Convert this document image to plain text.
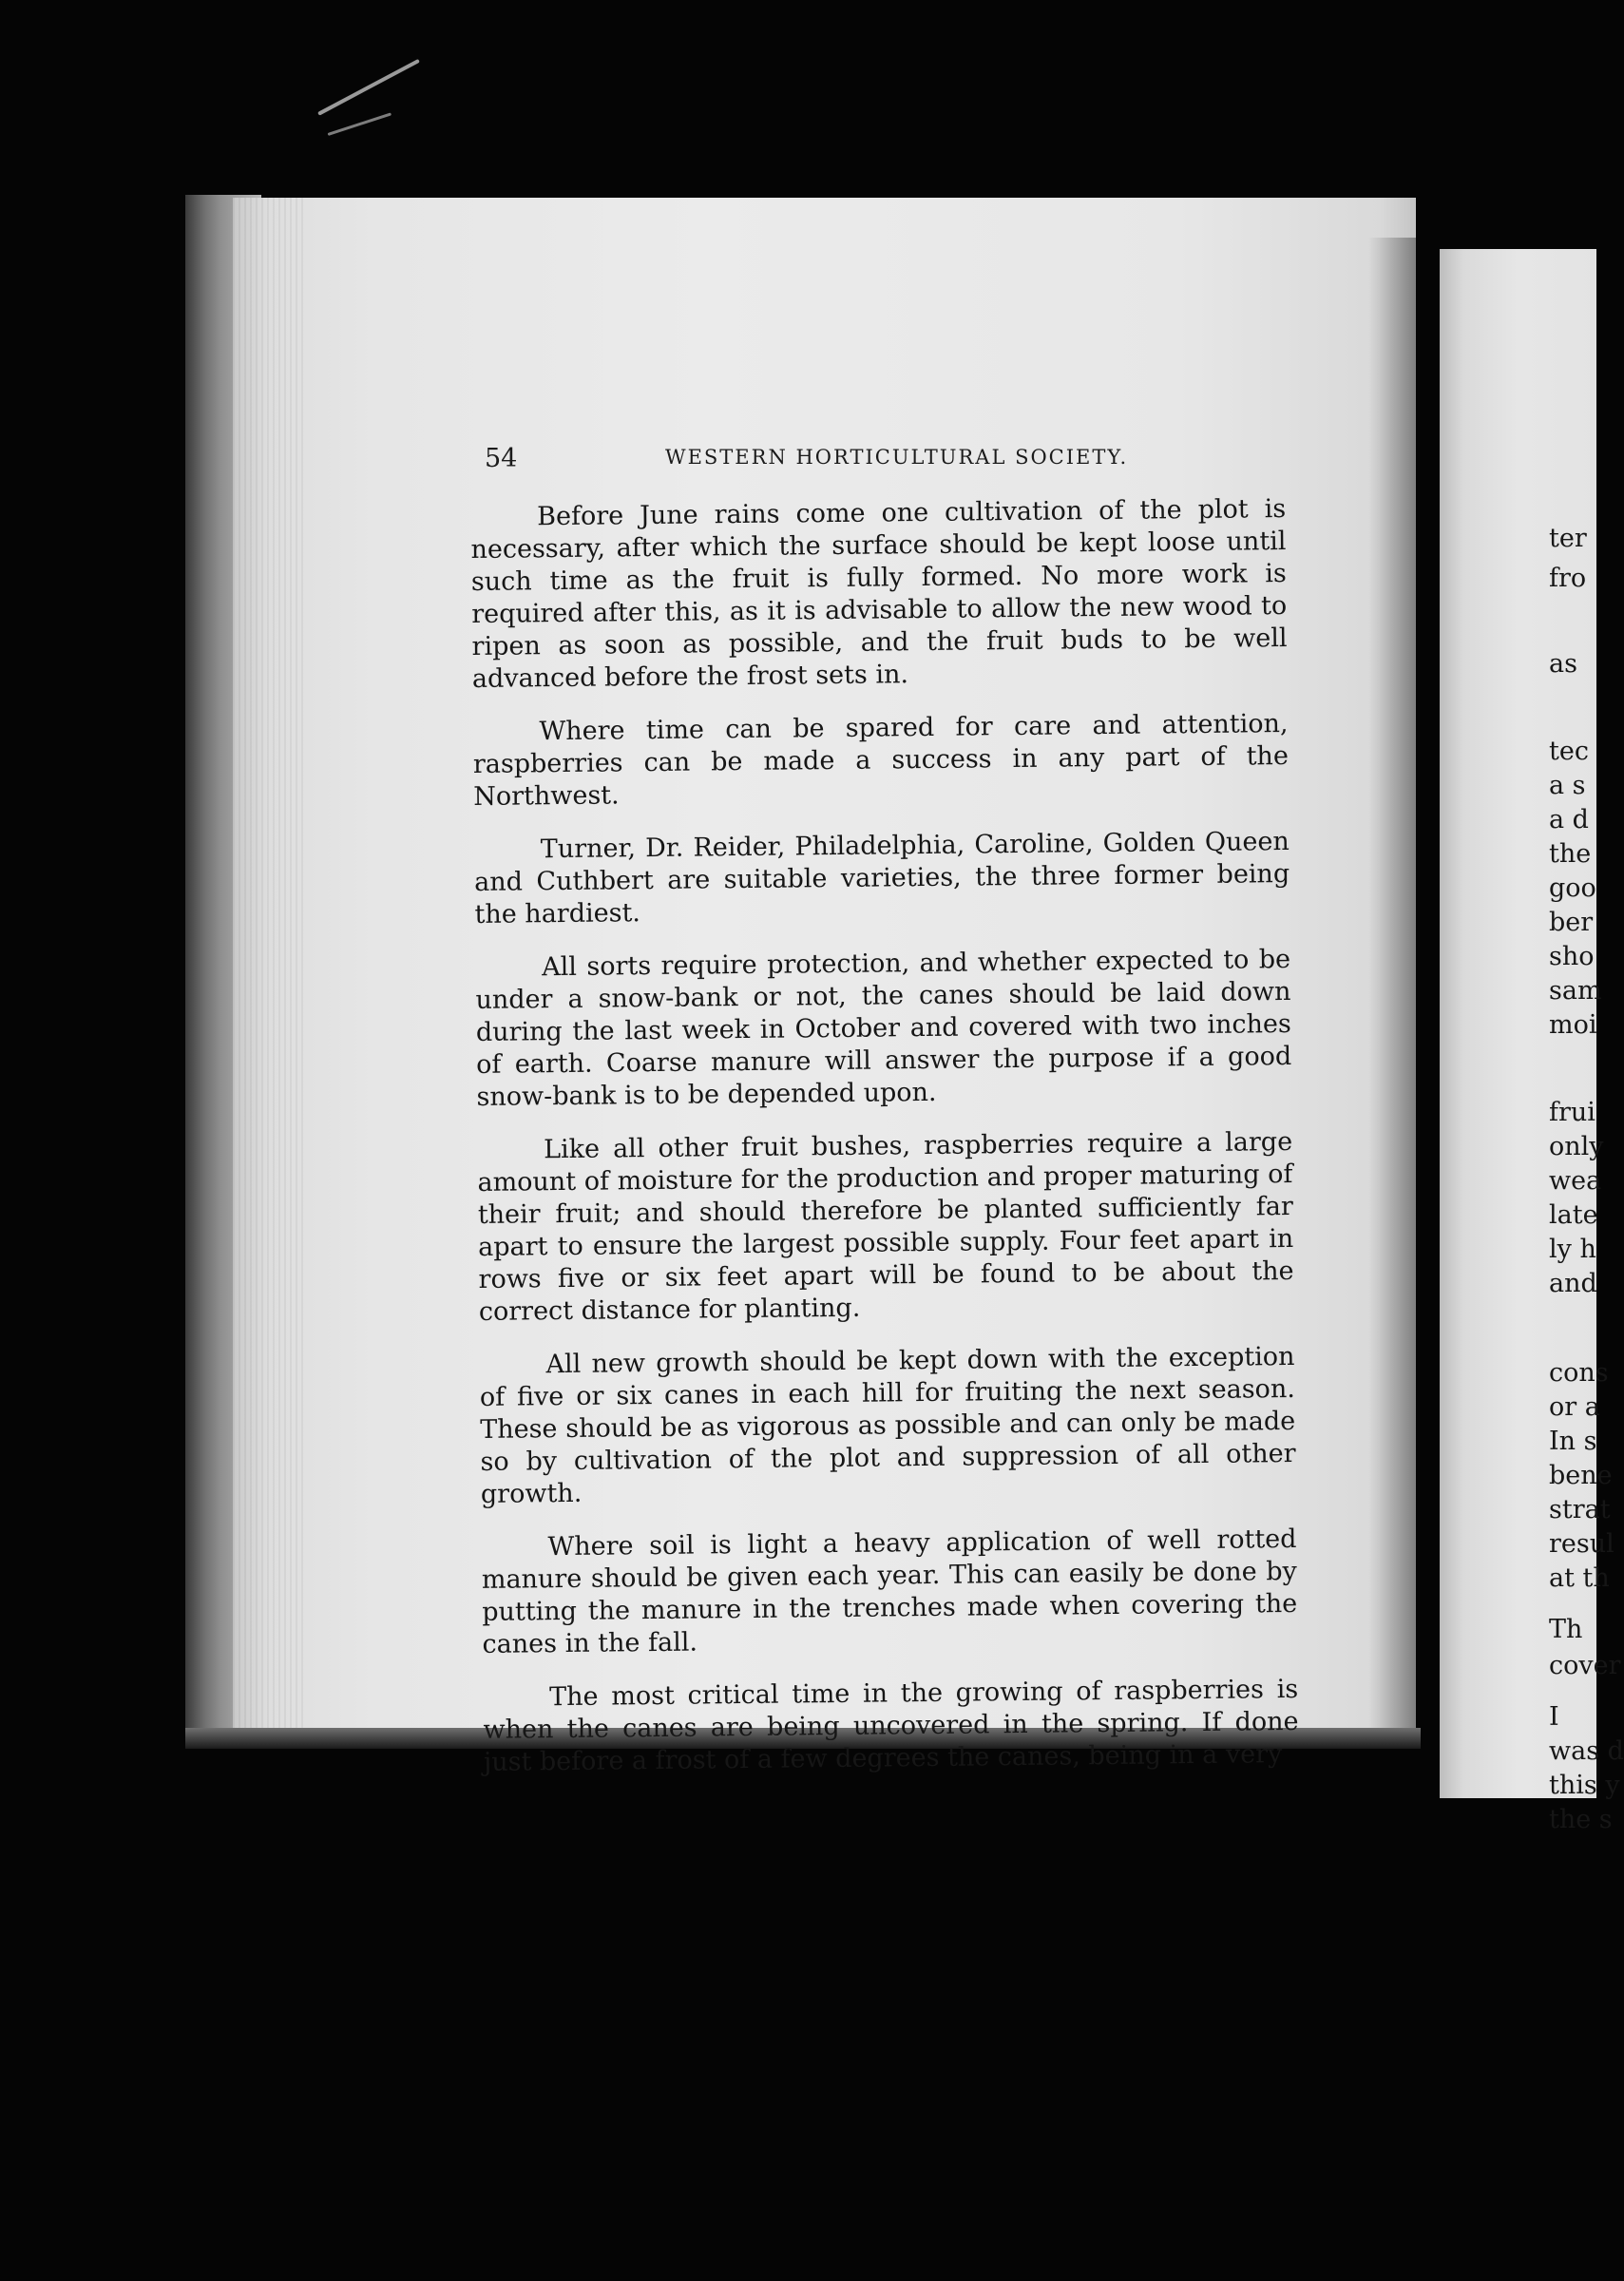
54	WESTERN HORTICULTURAL SOCIETY.

Before June rains come one cultivation of the plot is necessary, after which the surface should be kept loose until such time as the fruit is fully formed. No more work is required after this, as it is advisable to allow the new wood to ripen as soon as possible, and the fruit buds to be well advanced before the frost sets in.

Where time can be spared for care and attention, raspberries can be made a success in any part of the Northwest.

Turner, Dr. Reider, Philadelphia, Caroline, Golden Queen and Cuthbert are suitable varieties, the three former being the hardiest.

All sorts require protection, and whether expected to be under a snow-bank or not, the canes should be laid down during the last week in October and covered with two inches of earth. Coarse manure will answer the purpose if a good snow-bank is to be depended upon.

Like all other fruit bushes, raspberries require a large amount of moisture for the production and proper maturing of their fruit; and should therefore be planted sufficiently far apart to ensure the largest possible supply. Four feet apart in rows five or six feet apart will be found to be about the correct distance for planting.

All new growth should be kept down with the exception of five or six canes in each hill for fruiting the next season. These should be as vigorous as possible and can only be made so by cultivation of the plot and suppression of all other growth.

Where soil is light a heavy application of well rotted manure should be given each year. This can easily be done by putting the manure in the trenches made when covering the canes in the fall.

The most critical time in the growing of raspberries is when the canes are being uncovered in the spring. If done just before a frost of a few degrees the canes, being in a very

ter
fro
as
tec
a s
a d
the
goo
ber
sho
sam
moi
frui
only
wea
late
ly h
and
cons
or a
In s
bene
strat
resul
at th
Th
cover
I
was d
this y
the s
